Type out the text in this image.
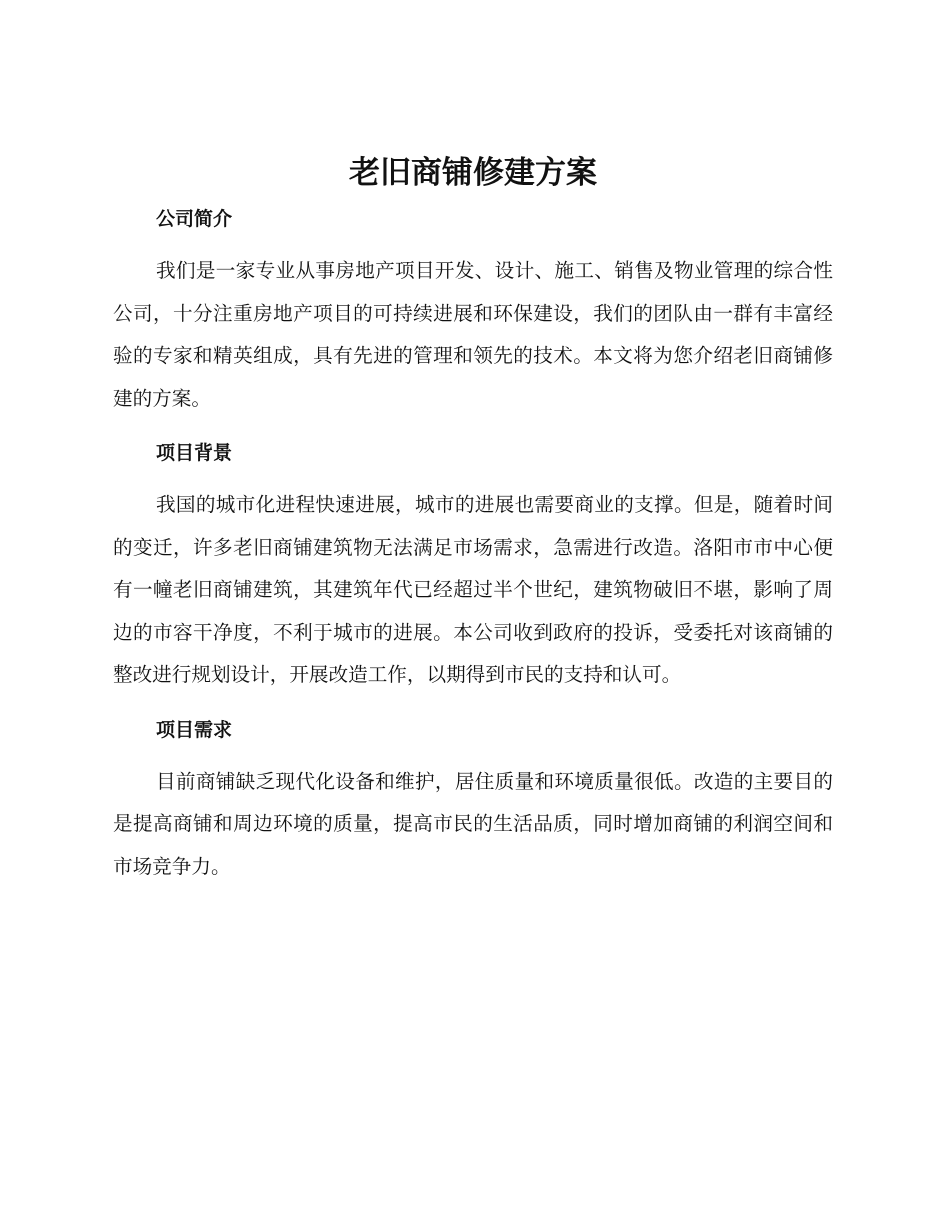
老旧商铺修建方案
公司简介

我们是一家专业从事房地产项目开发、设计、施工、销售及物业管理的综合性公司，十分注重房地产项目的可持续进展和环保建设，我们的团队由一群有丰富经验的专家和精英组成，具有先进的管理和领先的技术。本文将为您介绍老旧商铺修建的方案。

项目背景

我国的城市化进程快速进展，城市的进展也需要商业的支撑。但是，随着时间的变迁，许多老旧商铺建筑物无法满足市场需求，急需进行改造。洛阳市市中心便有一幢老旧商铺建筑，其建筑年代已经超过半个世纪，建筑物破旧不堪，影响了周边的市容干净度，不利于城市的进展。本公司收到政府的投诉，受委托对该商铺的整改进行规划设计，开展改造工作，以期得到市民的支持和认可。

项目需求

目前商铺缺乏现代化设备和维护，居住质量和环境质量很低。改造的主要目的是提高商铺和周边环境的质量，提高市民的生活品质，同时增加商铺的利润空间和市场竞争力。
